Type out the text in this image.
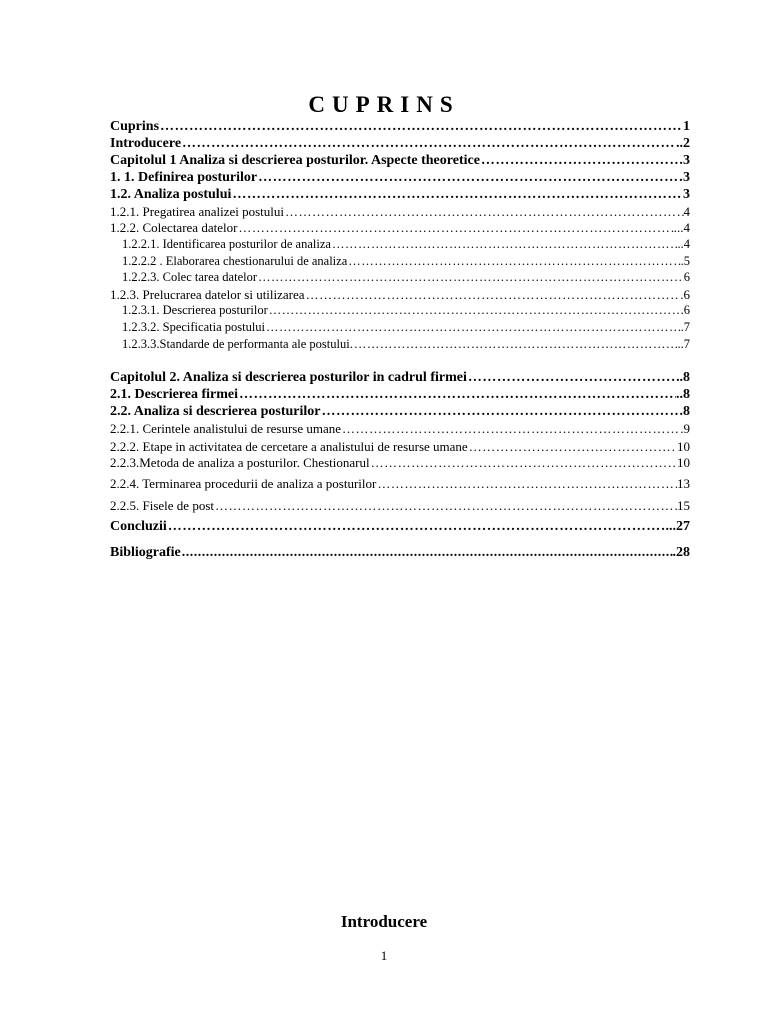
CUPRINS
Cuprins ………………………………………………………………………………………………………………………………………………………………………………………………………………	1
Introducere ………………………………………………………………………………………………………………………………………………………………………………………………………………	..2
Capitolul 1 Analiza si descrierea posturilor. Aspecte theoretice ………………………………………………………………………………………………………………………………………………………………………………………………………………	3
1. 1. Definirea posturilor ………………………………………………………………………………………………………………………………………………………………………………………………………………	3
1.2. Analiza postului ………………………………………………………………………………………………………………………………………………………………………………………………………………	3
1.2.1. Pregatirea analizei postului ………………………………………………………………………………………………………………………………………………………………………………………………………………	4
1.2.2. Colectarea datelor ………………………………………………………………………………………………………………………………………………………………………………………………………………	...4
1.2.2.1. Identificarea posturilor de analiza ………………………………………………………………………………………………………………………………………………………………………………………………………………	..4
1.2.2.2 . Elaborarea chestionarului de analiza ………………………………………………………………………………………………………………………………………………………………………………………………………………	.5
1.2.2.3. Colec tarea datelor ………………………………………………………………………………………………………………………………………………………………………………………………………………	6
1.2.3. Prelucrarea datelor si utilizarea ………………………………………………………………………………………………………………………………………………………………………………………………………………	.6
1.2.3.1. Descrierea posturilor ………………………………………………………………………………………………………………………………………………………………………………………………………………	.6
1.2.3.2. Specificatia postului ………………………………………………………………………………………………………………………………………………………………………………………………………………	.7
1.2.3.3.Standarde de performanta ale postului. ………………………………………………………………………………………………………………………………………………………………………………………………………………	..7
Capitolul 2. Analiza si descrierea posturilor in cadrul firmei ………………………………………………………………………………………………………………………………………………………………………………………………………………	.8
2.1. Descrierea firmei ………………………………………………………………………………………………………………………………………………………………………………………………………………	..8
2.2. Analiza si descrierea posturilor ………………………………………………………………………………………………………………………………………………………………………………………………………………	8
2.2.1. Cerintele analistului de resurse umane ………………………………………………………………………………………………………………………………………………………………………………………………………………	.9
2.2.2. Etape in activitatea de cercetare a analistului de resurse umane ………………………………………………………………………………………………………………………………………………………………………………………………………………	10
2.2.3.Metoda de analiza a posturilor. Chestionarul ………………………………………………………………………………………………………………………………………………………………………………………………………………	10
2.2.4. Terminarea procedurii de analiza a posturilor ………………………………………………………………………………………………………………………………………………………………………………………………………………	13
2.2.5. Fisele de post ………………………………………………………………………………………………………………………………………………………………………………………………………………	15
Concluzii ………………………………………………………………………………………………………………………………………………………………………………………………………………	...27
Bibliografie .....	.28
Introducere
1
